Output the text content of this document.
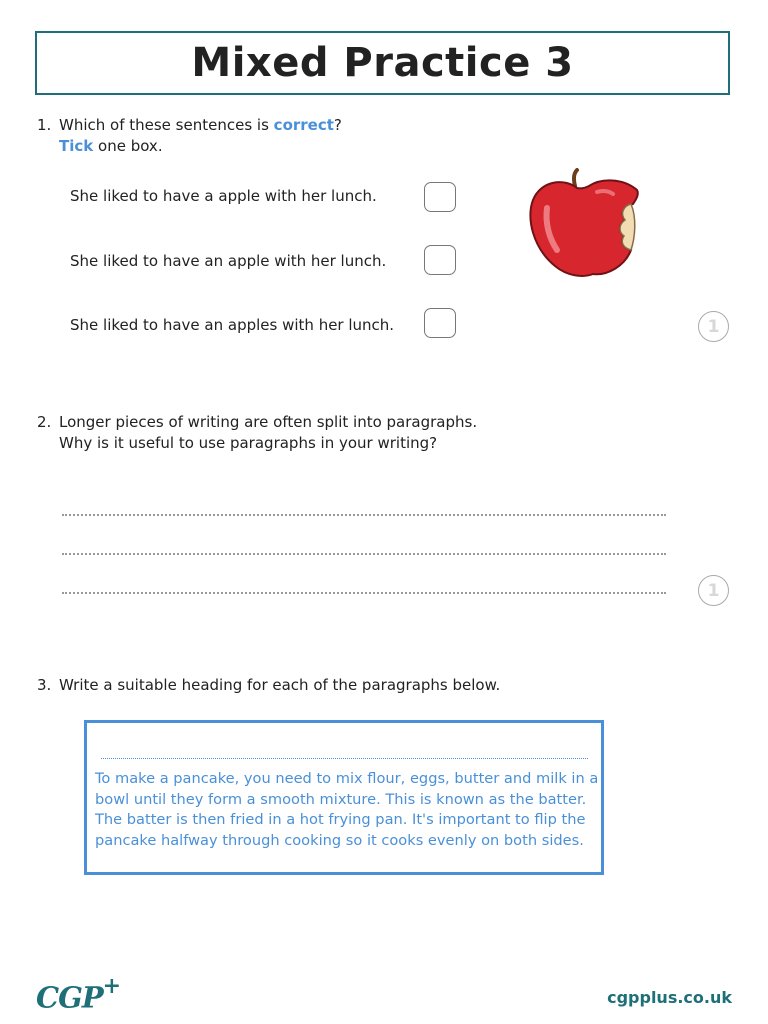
Mixed Practice 3
1. Which of these sentences is correct?
Tick one box.
She liked to have a apple with her lunch.
She liked to have an apple with her lunch.
She liked to have an apples with her lunch.	1
2. Longer pieces of writing are often split into paragraphs.
Why is it useful to use paragraphs in your writing?
1
3. Write a suitable heading for each of the paragraphs below.
To make a pancake, you need to mix flour, eggs, butter and milk in a bowl until they form a smooth mixture. This is known as the batter. The batter is then fried in a hot frying pan. It's important to flip the pancake halfway through cooking so it cooks evenly on both sides.
CGP+	cgpplus.co.uk
